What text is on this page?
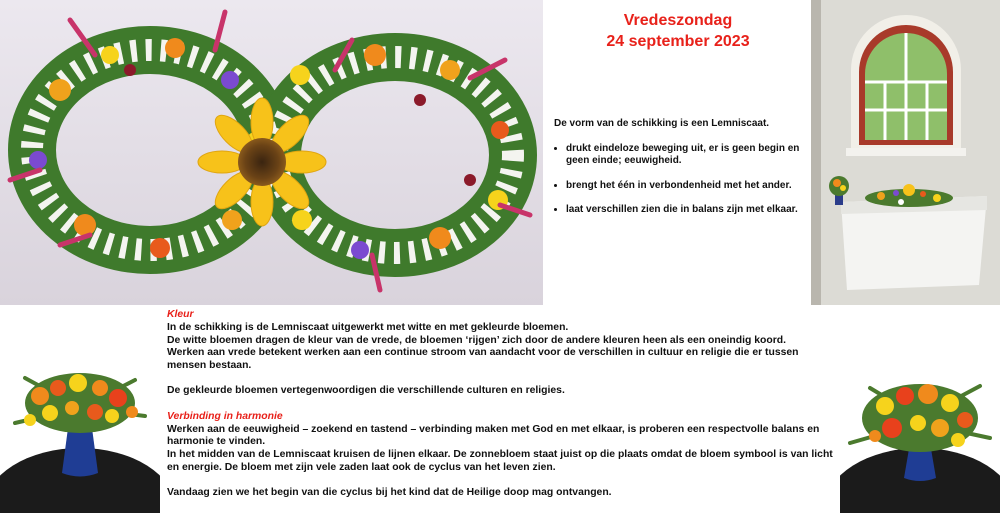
Vredeszondag
24 september 2023
De vorm van de schikking is een Lemniscaat.
• drukt eindeloze beweging uit, er is geen begin en geen einde; eeuwigheid.
• brengt het één in verbondenheid met het ander.
• laat verschillen zien die in balans zijn met elkaar.

Kleur

In de schikking is de Lemniscaat uitgewerkt met witte en met gekleurde bloemen.

De witte bloemen dragen de kleur van de vrede, de bloemen ‘rijgen’ zich door de andere kleuren heen als een oneindig koord.

Werken aan vrede betekent werken aan een continue stroom van aandacht voor de verschillen in cultuur en religie die er tussen mensen bestaan.

De gekleurde bloemen vertegenwoordigen die verschillende culturen en religies.

Verbinding in harmonie

Werken aan de eeuwigheid – zoekend en tastend – verbinding maken met God en met elkaar, is proberen een respectvolle balans en harmonie te vinden.

In het midden van de Lemniscaat kruisen de lijnen elkaar. De zonnebloem staat juist op die plaats omdat de bloem symbool is van licht en energie. De bloem met zijn vele zaden laat ook de cyclus van het leven zien.

Vandaag zien we het begin van die cyclus bij het kind dat de Heilige doop mag ontvangen.
